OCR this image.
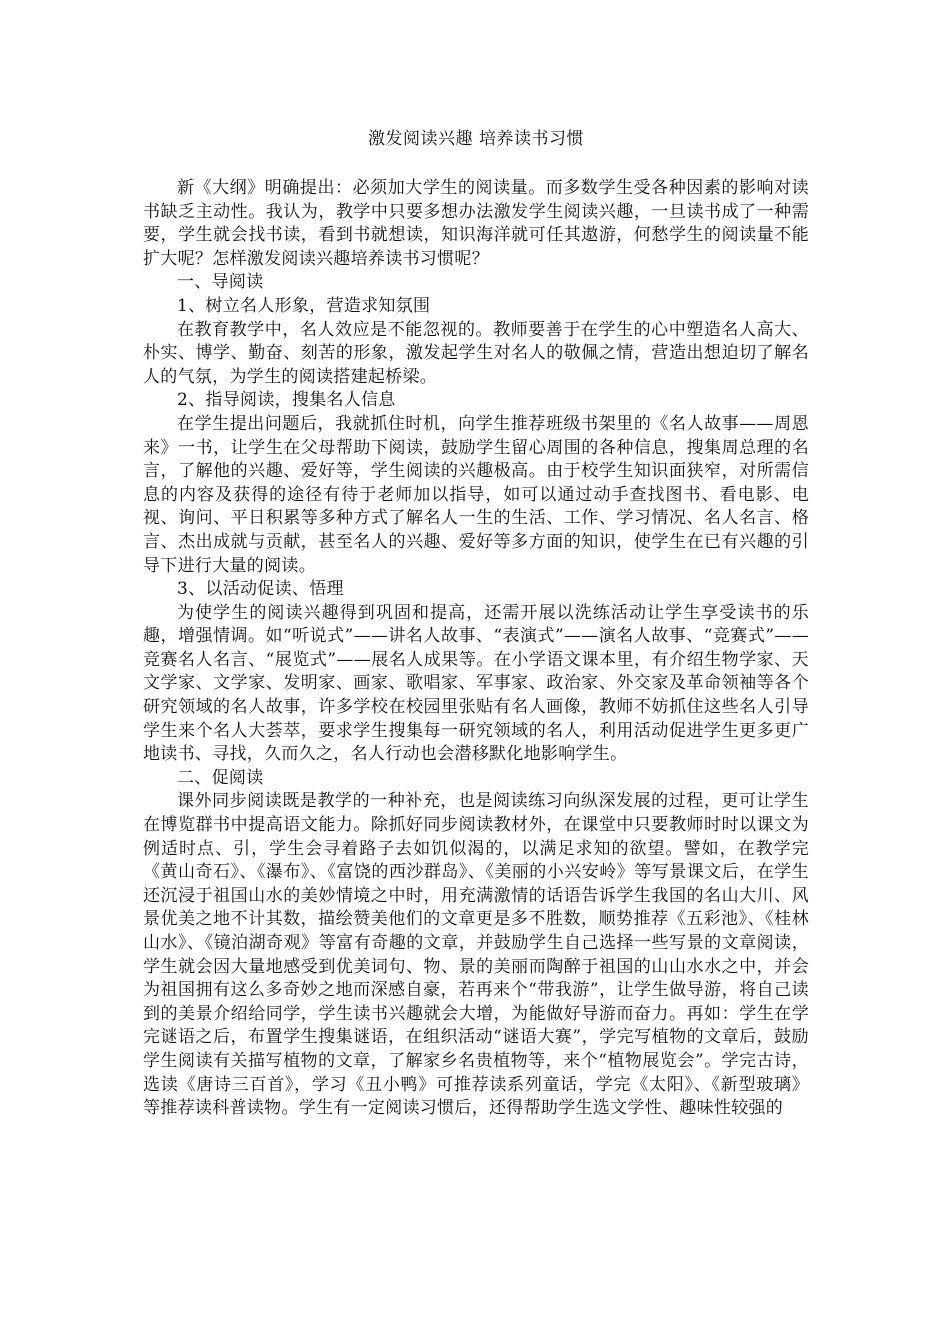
激发阅读兴趣 培养读书习惯

新《大纲》明确提出：必须加大学生的阅读量。而多数学生受各种因素的影响对读书缺乏主动性。我认为，教学中只要多想办法激发学生阅读兴趣，一旦读书成了一种需要，学生就会找书读，看到书就想读，知识海洋就可任其遨游，何愁学生的阅读量不能扩大呢？怎样激发阅读兴趣培养读书习惯呢？

一、导阅读

1、树立名人形象，营造求知氛围

在教育教学中，名人效应是不能忽视的。教师要善于在学生的心中塑造名人高大、朴实、博学、勤奋、刻苦的形象，激发起学生对名人的敬佩之情，营造出想迫切了解名人的气氛，为学生的阅读搭建起桥梁。

2、指导阅读，搜集名人信息

在学生提出问题后，我就抓住时机，向学生推荐班级书架里的《名人故事——周恩来》一书，让学生在父母帮助下阅读，鼓励学生留心周围的各种信息，搜集周总理的名言，了解他的兴趣、爱好等，学生阅读的兴趣极高。由于校学生知识面狭窄，对所需信息的内容及获得的途径有待于老师加以指导，如可以通过动手查找图书、看电影、电视、询问、平日积累等多种方式了解名人一生的生活、工作、学习情况、名人名言、格言、杰出成就与贡献，甚至名人的兴趣、爱好等多方面的知识，使学生在已有兴趣的引导下进行大量的阅读。

3、以活动促读、悟理

为使学生的阅读兴趣得到巩固和提高，还需开展以洗练活动让学生享受读书的乐趣，增强情调。如“听说式”——讲名人故事、“表演式”——演名人故事、“竞赛式”——竞赛名人名言、“展览式”——展名人成果等。在小学语文课本里，有介绍生物学家、天文学家、文学家、发明家、画家、歌唱家、军事家、政治家、外交家及革命领袖等各个研究领域的名人故事，许多学校在校园里张贴有名人画像，教师不妨抓住这些名人引导学生来个名人大荟萃，要求学生搜集每一研究领域的名人，利用活动促进学生更多更广地读书、寻找，久而久之，名人行动也会潜移默化地影响学生。

二、促阅读

课外同步阅读既是教学的一种补充，也是阅读练习向纵深发展的过程，更可让学生在博览群书中提高语文能力。除抓好同步阅读教材外，在课堂中只要教师时时以课文为例适时点、引，学生会寻着路子去如饥似渴的，以满足求知的欲望。譬如，在教学完《黄山奇石》、《瀑布》、《富饶的西沙群岛》、《美丽的小兴安岭》等写景课文后，在学生还沉浸于祖国山水的美妙情境之中时，用充满激情的话语告诉学生我国的名山大川、风景优美之地不计其数，描绘赞美他们的文章更是多不胜数，顺势推荐《五彩池》、《桂林山水》、《镜泊湖奇观》等富有奇趣的文章，并鼓励学生自己选择一些写景的文章阅读，学生就会因大量地感受到优美词句、物、景的美丽而陶醉于祖国的山山水水之中，并会为祖国拥有这么多奇妙之地而深感自豪，若再来个“带我游”，让学生做导游，将自己读到的美景介绍给同学，学生读书兴趣就会大增，为能做好导游而奋力。再如：学生在学完谜语之后，布置学生搜集谜语，在组织活动“谜语大赛”，学完写植物的文章后，鼓励学生阅读有关描写植物的文章，了解家乡名贵植物等，来个“植物展览会”。学完古诗，选读《唐诗三百首》，学习《丑小鸭》可推荐读系列童话，学完《太阳》、《新型玻璃》等推荐读科普读物。学生有一定阅读习惯后，还得帮助学生选文学性、趣味性较强的
